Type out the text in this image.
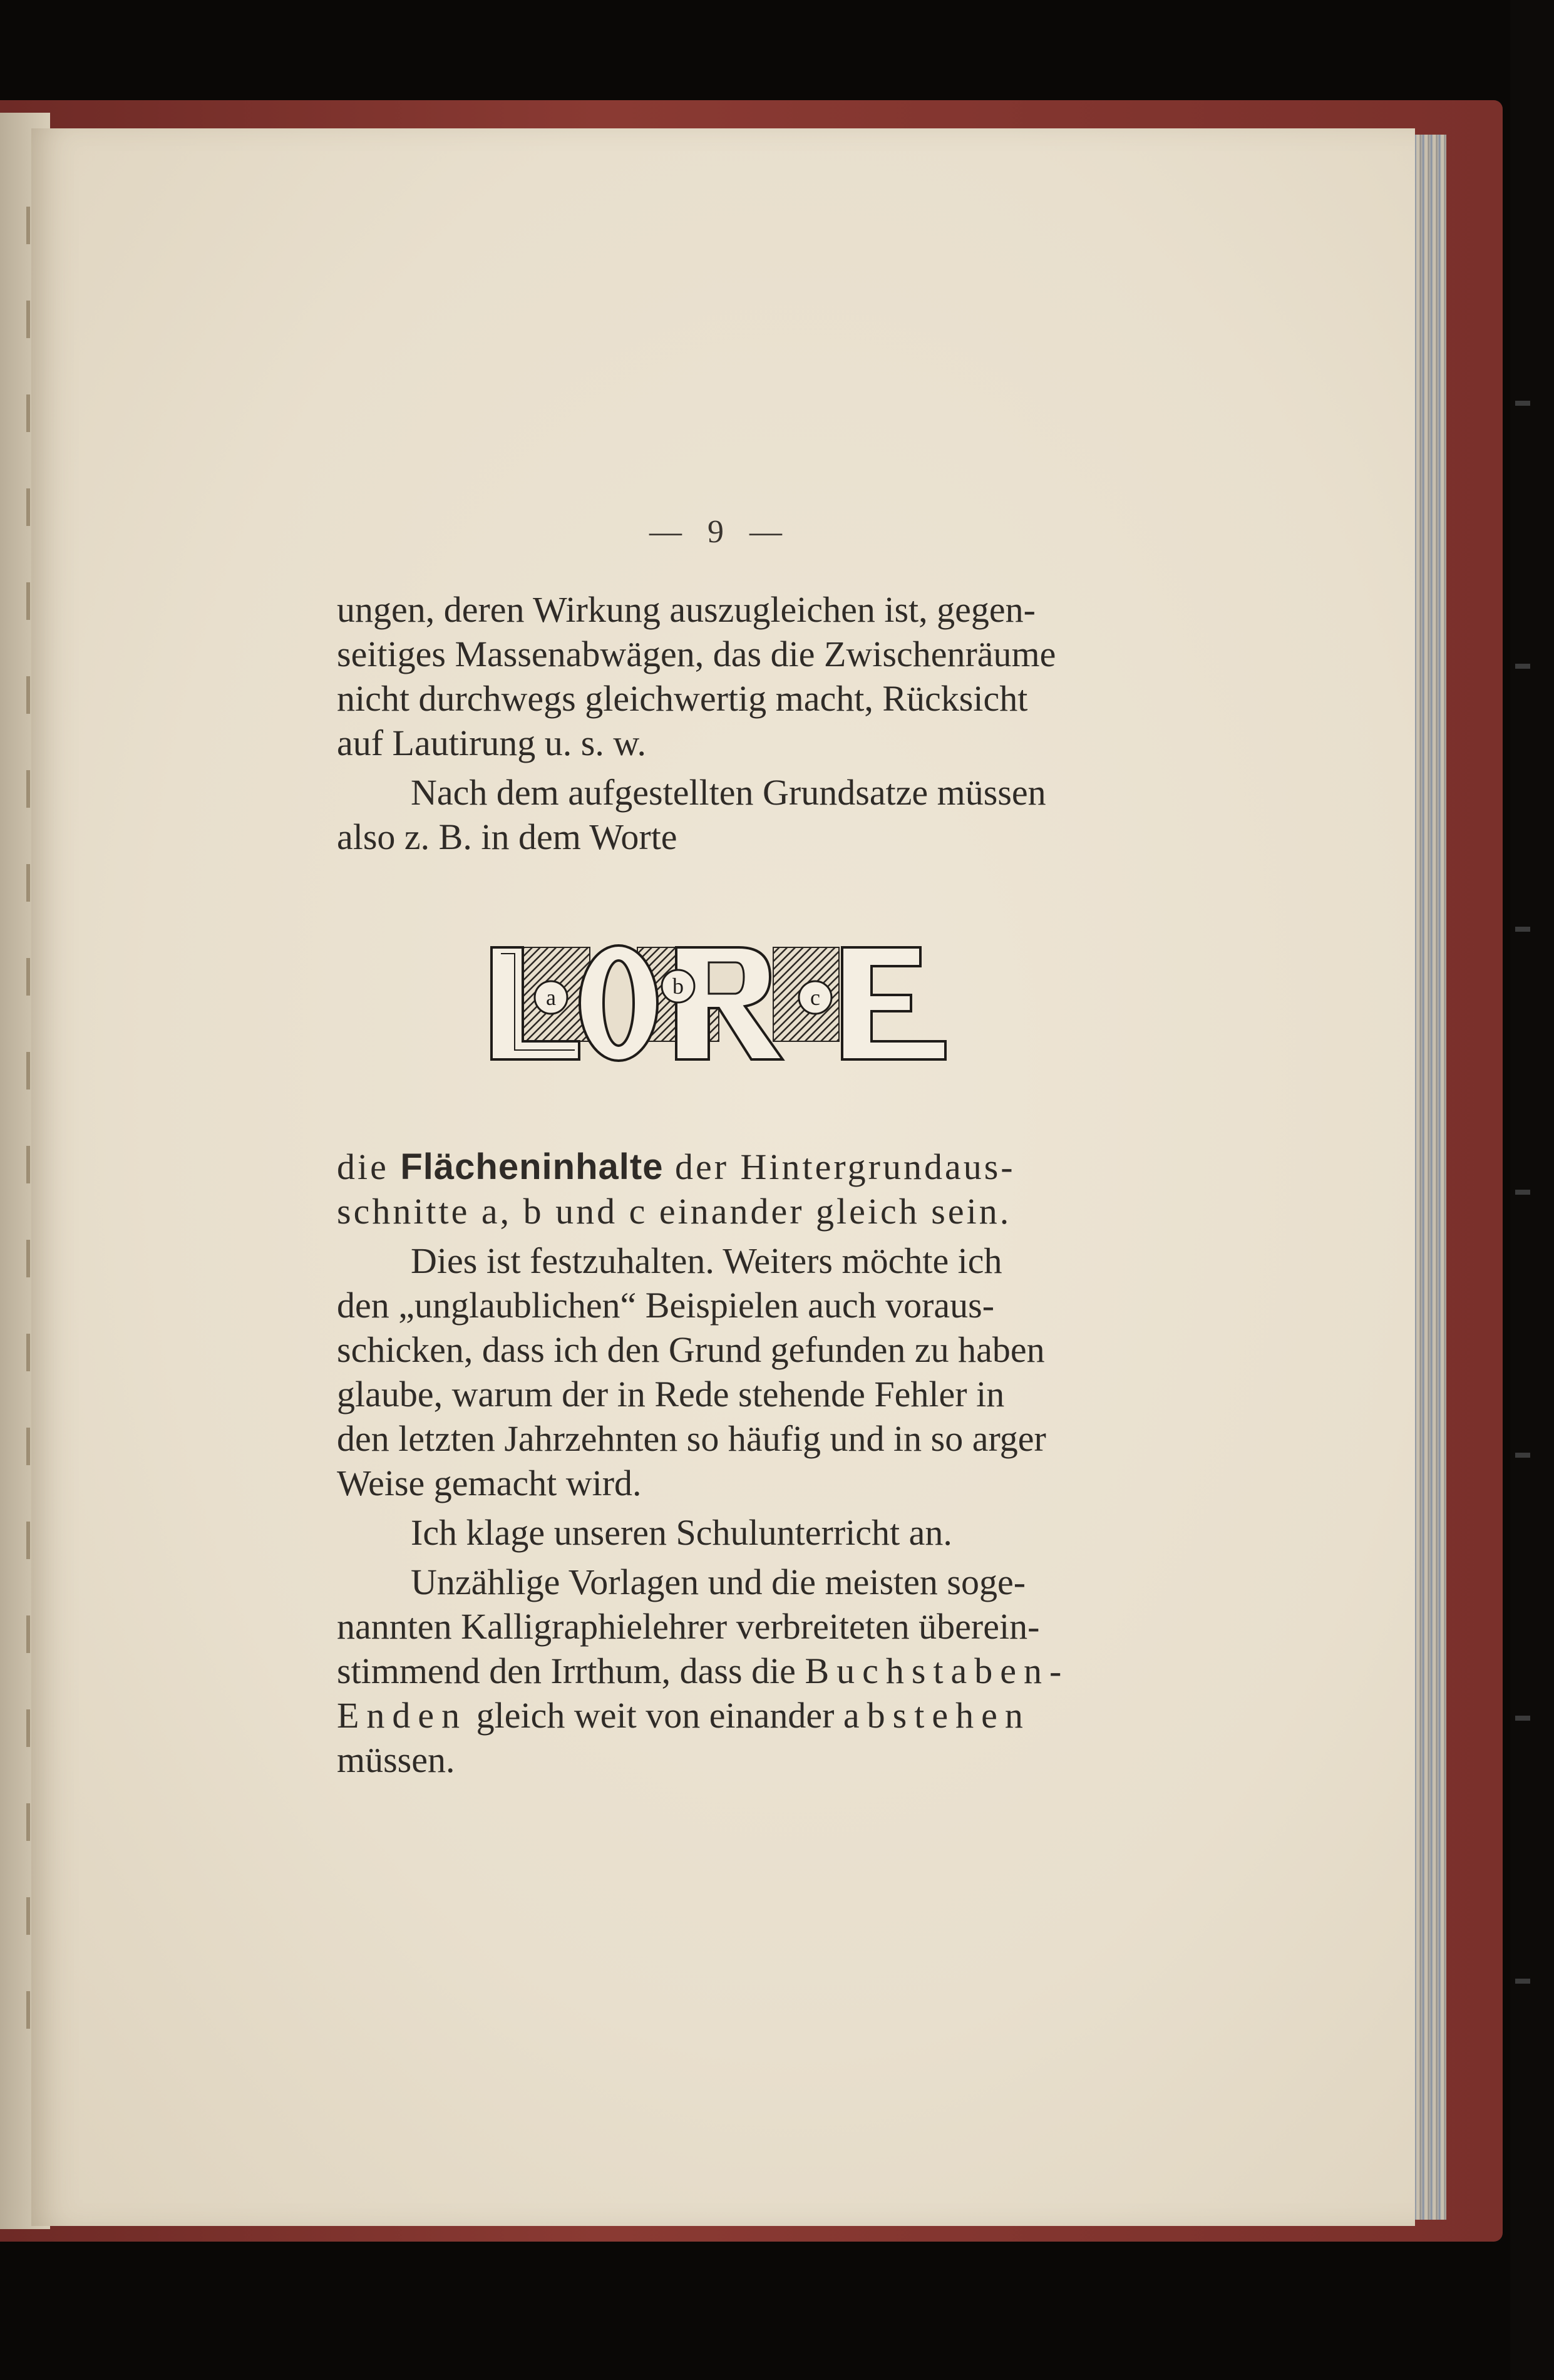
— 9 —

ungen, deren Wirkung auszugleichen ist, gegen-
seitiges Massenabwägen, das die Zwischenräume
nicht durchwegs gleichwertig macht, Rücksicht
auf Lautirung u. s. w.

Nach dem aufgestellten Grundsatze müssen
also z. B. in dem Worte

a	b	c

die Flächeninhalte der Hintergrundaus-
schnitte a, b und c einander gleich sein.

Dies ist festzuhalten. Weiters möchte ich
den „unglaublichen“ Beispielen auch voraus-
schicken, dass ich den Grund gefunden zu haben
glaube, warum der in Rede stehende Fehler in
den letzten Jahrzehnten so häufig und in so arger
Weise gemacht wird.

Ich klage unseren Schulunterricht an.

Unzählige Vorlagen und die meisten soge-
nannten Kalligraphielehrer verbreiteten überein-
stimmend den Irrthum, dass die Buchstaben-
Enden gleich weit von einander abstehen
müssen.
